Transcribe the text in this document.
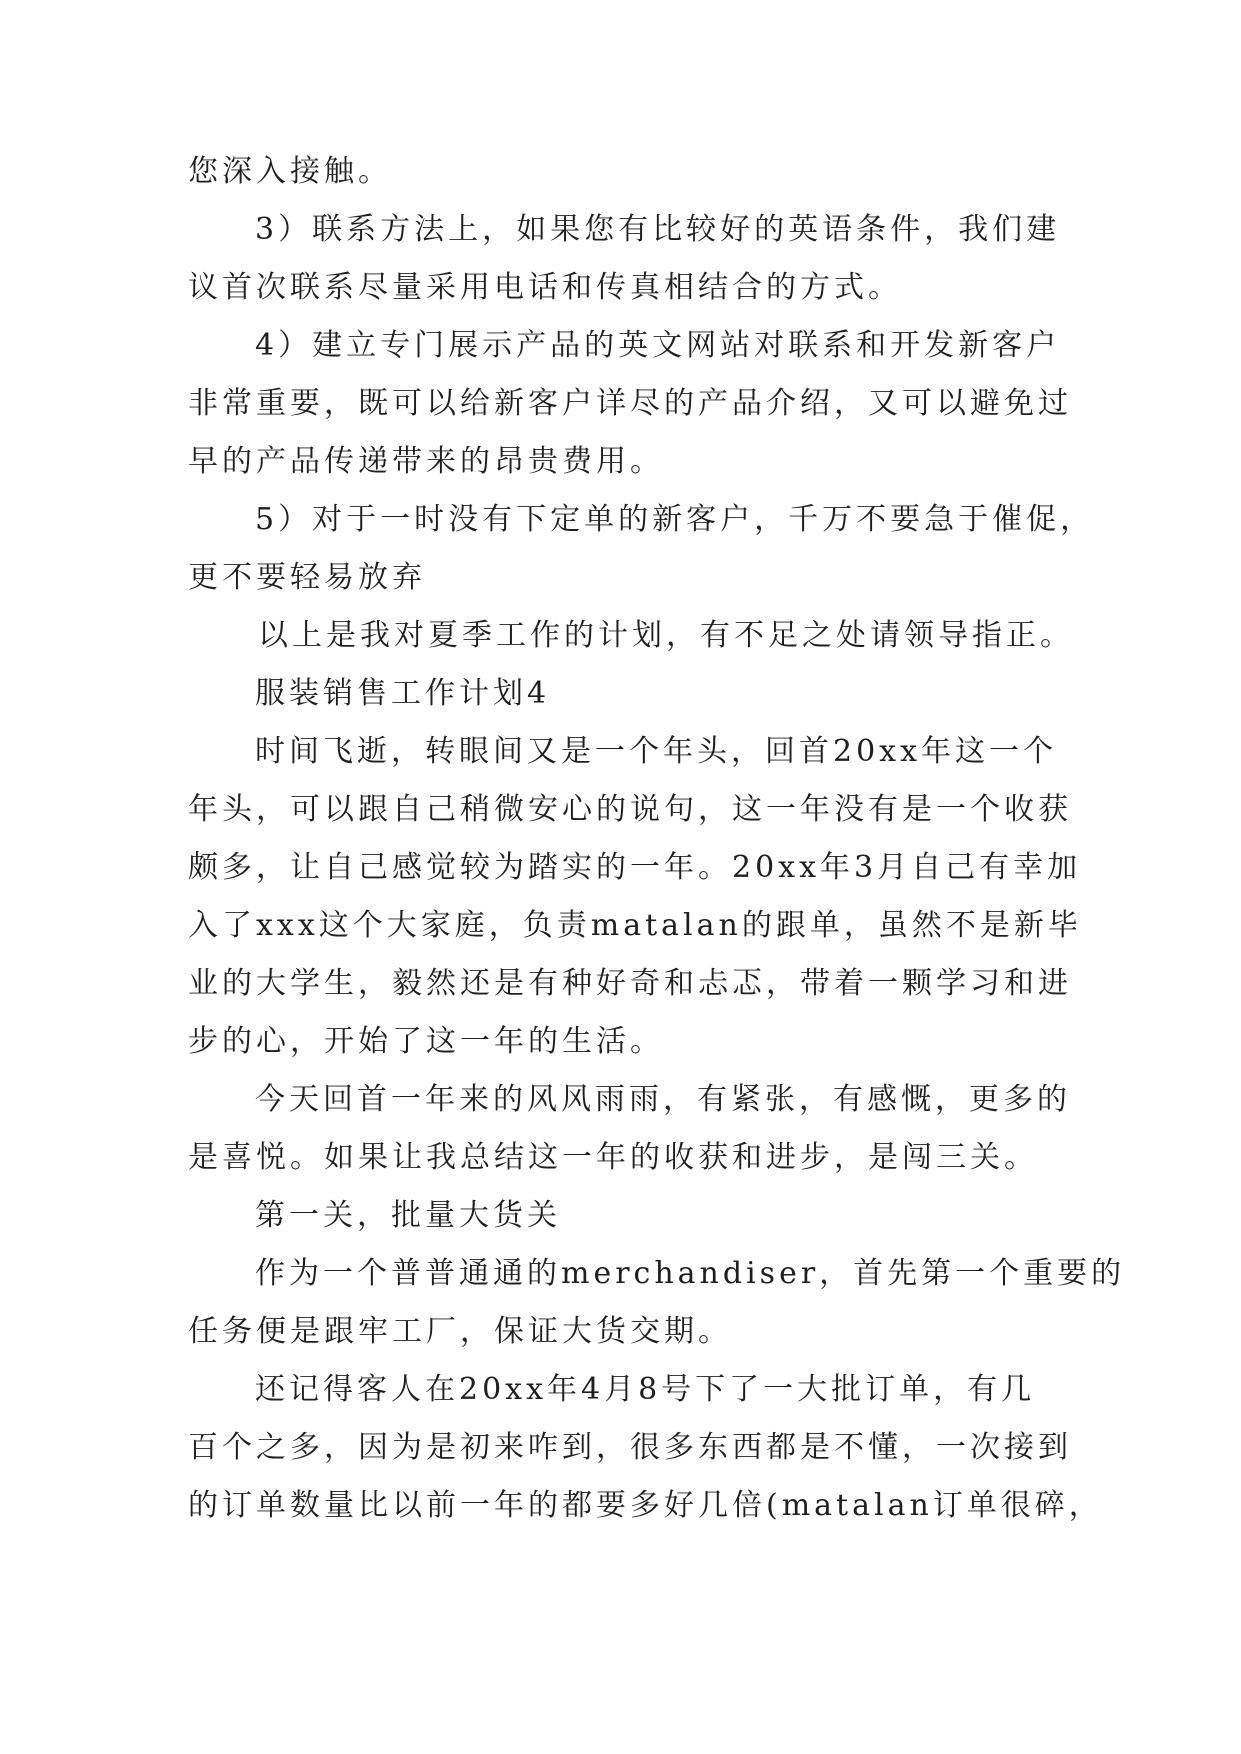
您深入接触。
3）联系方法上，如果您有比较好的英语条件，我们建
议首次联系尽量采用电话和传真相结合的方式。
4）建立专门展示产品的英文网站对联系和开发新客户
非常重要，既可以给新客户详尽的产品介绍，又可以避免过
早的产品传递带来的昂贵费用。
5）对于一时没有下定单的新客户，千万不要急于催促，
更不要轻易放弃
以上是我对夏季工作的计划，有不足之处请领导指正。
服装销售工作计划4
时间飞逝，转眼间又是一个年头，回首20xx年这一个
年头，可以跟自己稍微安心的说句，这一年没有是一个收获
颇多，让自己感觉较为踏实的一年。20xx年3月自己有幸加
入了xxx这个大家庭，负责matalan的跟单，虽然不是新毕
业的大学生，毅然还是有种好奇和忐忑，带着一颗学习和进
步的心，开始了这一年的生活。
今天回首一年来的风风雨雨，有紧张，有感慨，更多的
是喜悦。如果让我总结这一年的收获和进步，是闯三关。
第一关，批量大货关
作为一个普普通通的merchandiser，首先第一个重要的
任务便是跟牢工厂，保证大货交期。
还记得客人在20xx年4月8号下了一大批订单，有几
百个之多，因为是初来咋到，很多东西都是不懂，一次接到
的订单数量比以前一年的都要多好几倍(matalan订单很碎，
